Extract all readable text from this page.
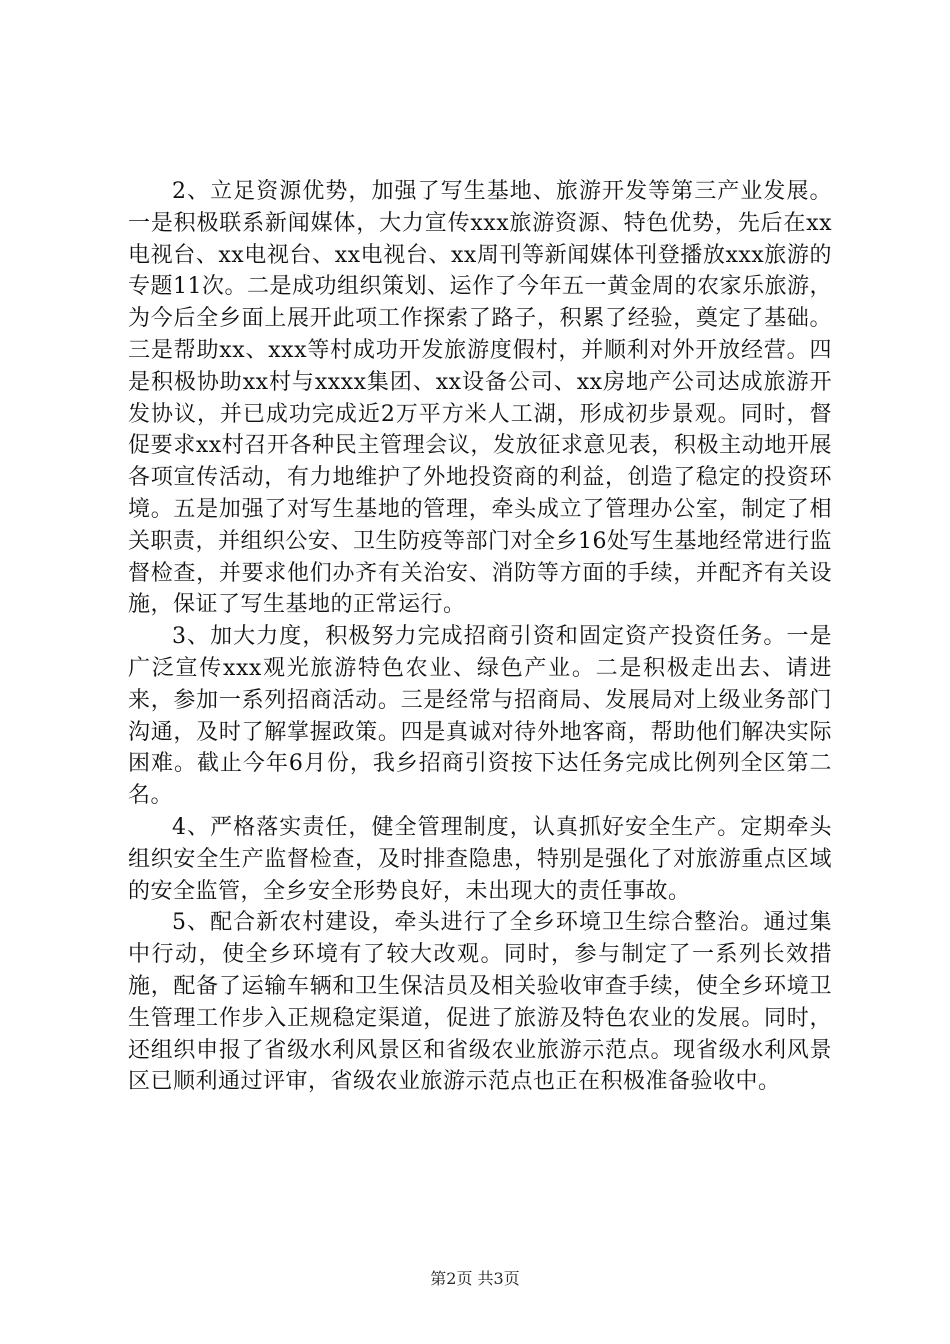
2、立足资源优势，加强了写生基地、旅游开发等第三产业发展。一是积极联系新闻媒体，大力宣传xxx旅游资源、特色优势，先后在xx电视台、xx电视台、xx电视台、xx周刊等新闻媒体刊登播放xxx旅游的专题11次。二是成功组织策划、运作了今年五一黄金周的农家乐旅游，为今后全乡面上展开此项工作探索了路子，积累了经验，奠定了基础。三是帮助xx、xxx等村成功开发旅游度假村，并顺利对外开放经营。四是积极协助xx村与xxxx集团、xx设备公司、xx房地产公司达成旅游开发协议，并已成功完成近2万平方米人工湖，形成初步景观。同时，督促要求xx村召开各种民主管理会议，发放征求意见表，积极主动地开展各项宣传活动，有力地维护了外地投资商的利益，创造了稳定的投资环境。五是加强了对写生基地的管理，牵头成立了管理办公室，制定了相关职责，并组织公安、卫生防疫等部门对全乡16处写生基地经常进行监督检查，并要求他们办齐有关治安、消防等方面的手续，并配齐有关设施，保证了写生基地的正常运行。

3、加大力度，积极努力完成招商引资和固定资产投资任务。一是广泛宣传xxx观光旅游特色农业、绿色产业。二是积极走出去、请进来，参加一系列招商活动。三是经常与招商局、发展局对上级业务部门沟通，及时了解掌握政策。四是真诚对待外地客商，帮助他们解决实际困难。截止今年6月份，我乡招商引资按下达任务完成比例列全区第二名。

4、严格落实责任，健全管理制度，认真抓好安全生产。定期牵头组织安全生产监督检查，及时排查隐患，特别是强化了对旅游重点区域的安全监管，全乡安全形势良好，未出现大的责任事故。

5、配合新农村建设，牵头进行了全乡环境卫生综合整治。通过集中行动，使全乡环境有了较大改观。同时，参与制定了一系列长效措施，配备了运输车辆和卫生保洁员及相关验收审查手续，使全乡环境卫生管理工作步入正规稳定渠道，促进了旅游及特色农业的发展。同时，还组织申报了省级水利风景区和省级农业旅游示范点。现省级水利风景区已顺利通过评审，省级农业旅游示范点也正在积极准备验收中。

第2页 共3页
